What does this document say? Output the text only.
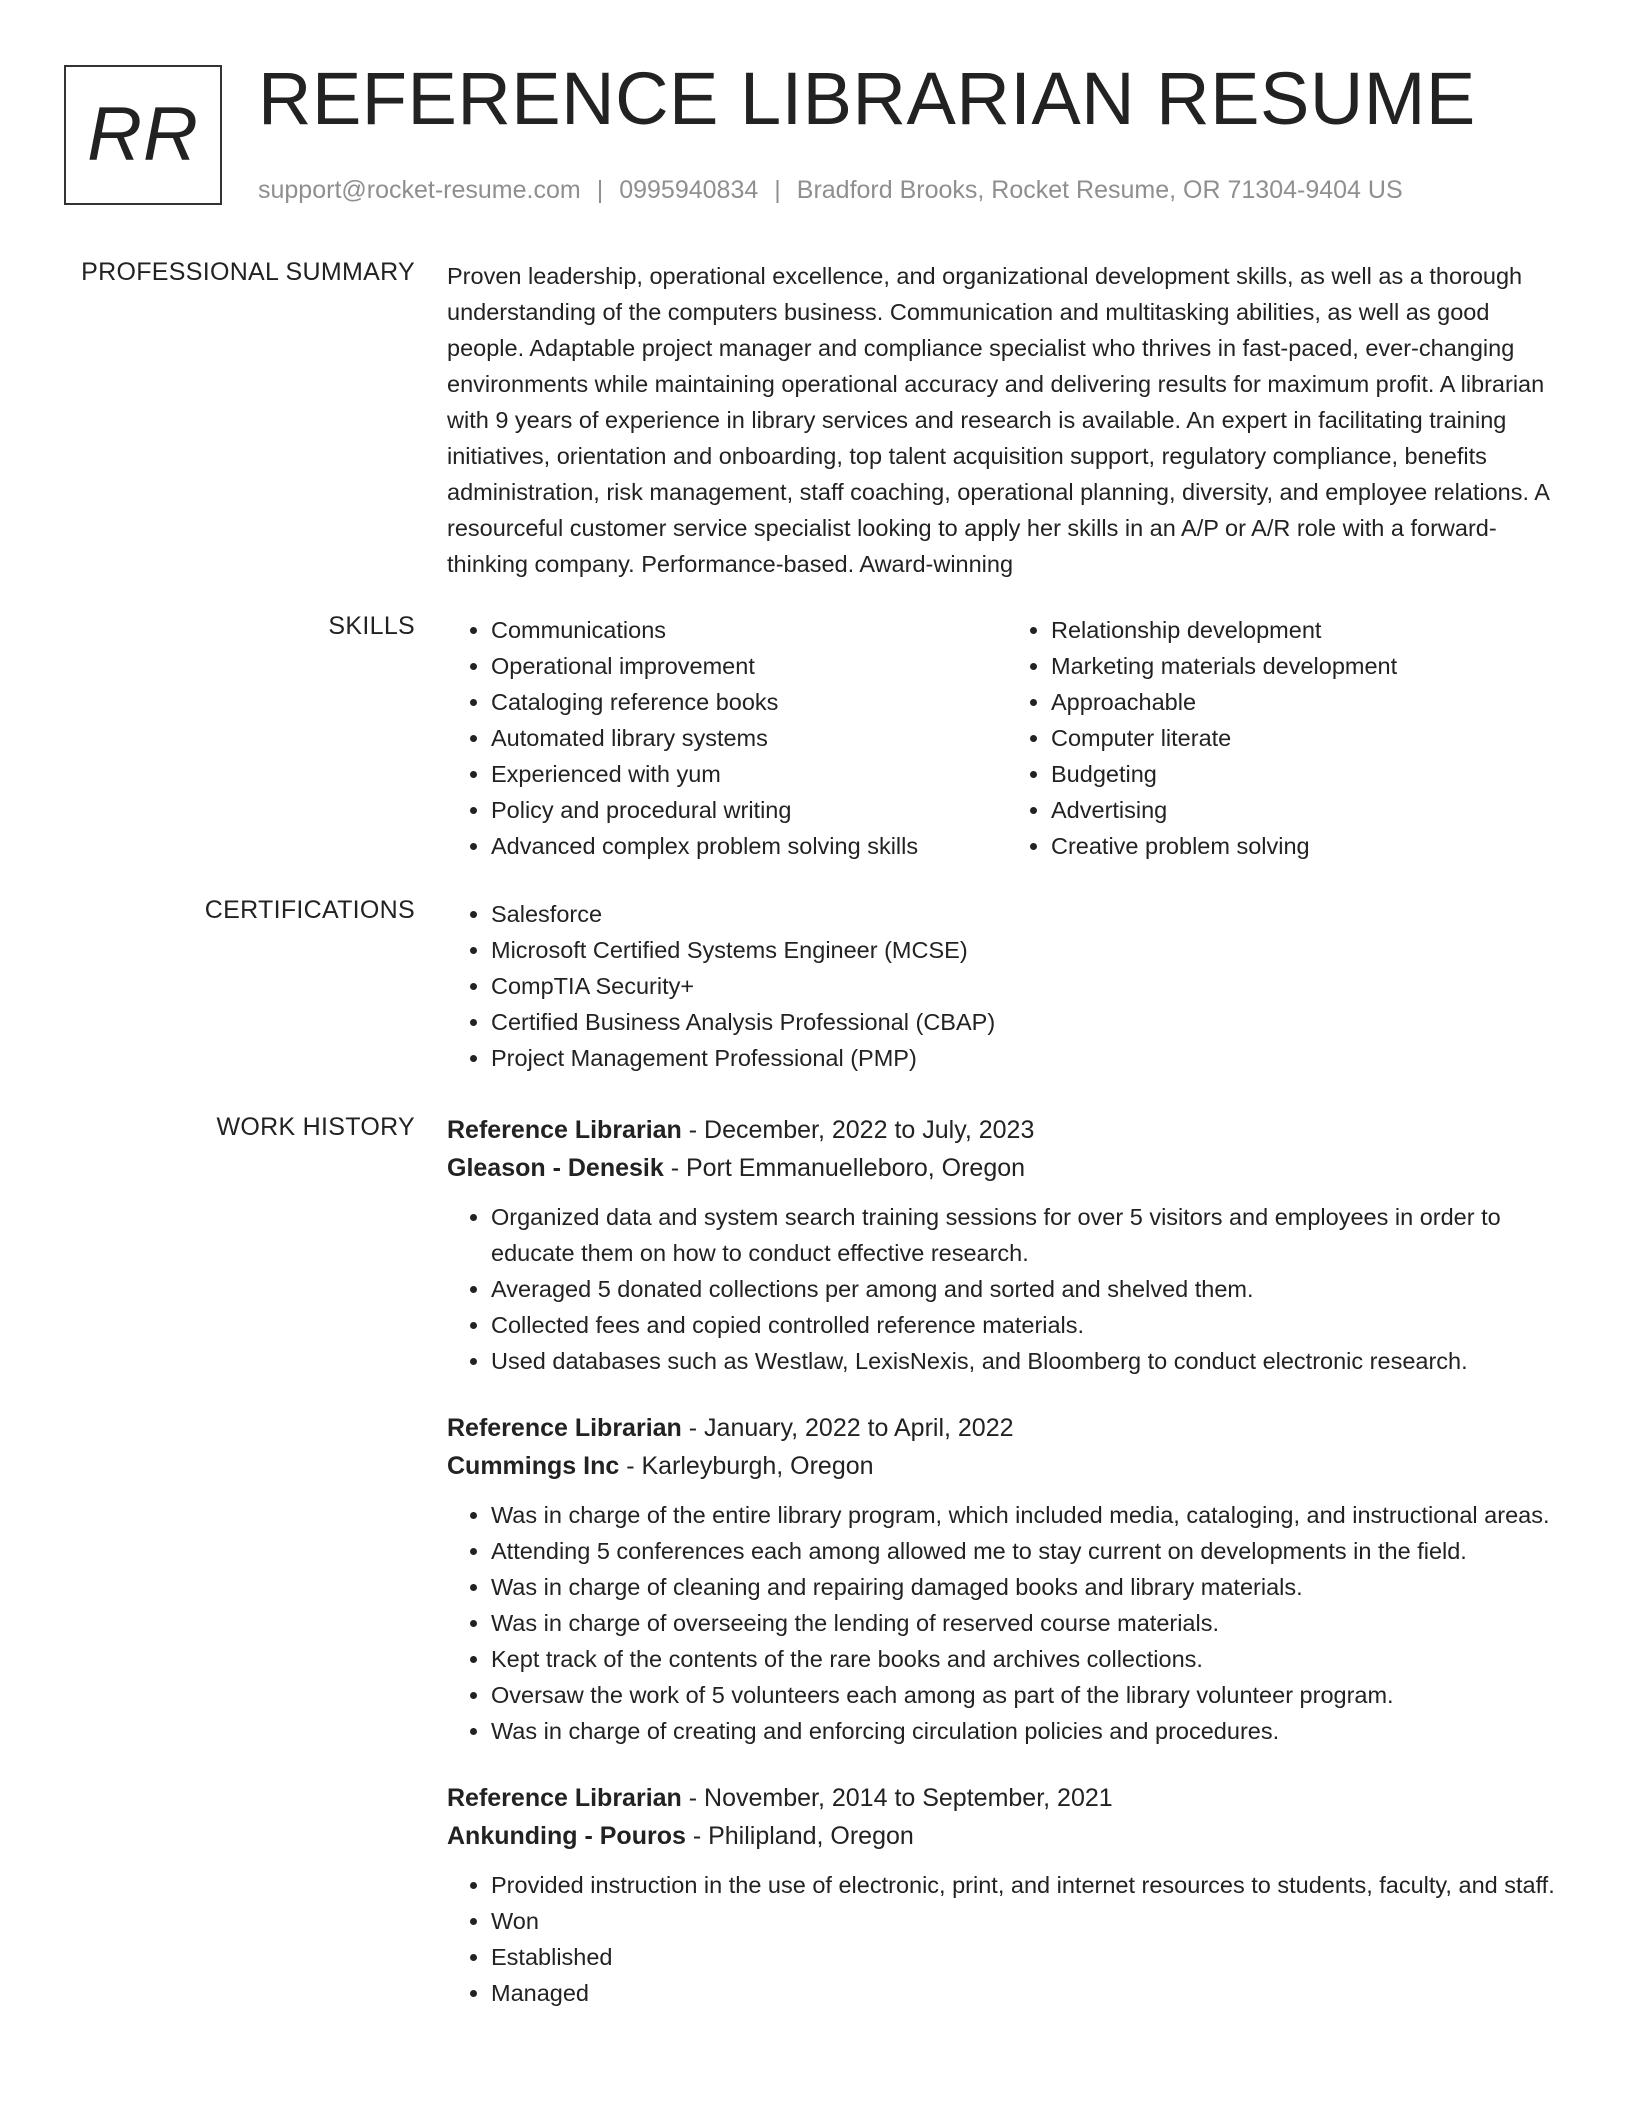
RR REFERENCE LIBRARIAN RESUME
support@rocket-resume.com | 0995940834 | Bradford Brooks, Rocket Resume, OR 71304-9404 US
PROFESSIONAL SUMMARY Proven leadership, operational excellence, and organizational development skills, as well as a thorough understanding of the computers business. Communication and multitasking abilities, as well as good people. Adaptable project manager and compliance specialist who thrives in fast-paced, ever-changing environments while maintaining operational accuracy and delivering results for maximum profit. A librarian with 9 years of experience in library services and research is available. An expert in facilitating training initiatives, orientation and onboarding, top talent acquisition support, regulatory compliance, benefits administration, risk management, staff coaching, operational planning, diversity, and employee relations. A resourceful customer service specialist looking to apply her skills in an A/P or A/R role with a forward-thinking company. Performance-based. Award-winning

SKILLS	• Communications
• Operational improvement
• Cataloging reference books
• Automated library systems
• Experienced with yum
• Policy and procedural writing
• Advanced complex problem solving skills
• Relationship development
• Marketing materials development
• Approachable
• Computer literate
• Budgeting
• Advertising
• Creative problem solving
CERTIFICATIONS	• Salesforce
• Microsoft Certified Systems Engineer (MCSE)
• CompTIA Security+
• Certified Business Analysis Professional (CBAP)
• Project Management Professional (PMP)
WORK HISTORY Reference Librarian - December, 2022 to July, 2023
Gleason - Denesik - Port Emmanuelleboro, Oregon
• Organized data and system search training sessions for over 5 visitors and employees in order to educate them on how to conduct effective research.
• Averaged 5 donated collections per among and sorted and shelved them.
• Collected fees and copied controlled reference materials.
• Used databases such as Westlaw, LexisNexis, and Bloomberg to conduct electronic research.
Reference Librarian - January, 2022 to April, 2022
Cummings Inc - Karleyburgh, Oregon
• Was in charge of the entire library program, which included media, cataloging, and instructional areas.
• Attending 5 conferences each among allowed me to stay current on developments in the field.
• Was in charge of cleaning and repairing damaged books and library materials.
• Was in charge of overseeing the lending of reserved course materials.
• Kept track of the contents of the rare books and archives collections.
• Oversaw the work of 5 volunteers each among as part of the library volunteer program.
• Was in charge of creating and enforcing circulation policies and procedures.
Reference Librarian - November, 2014 to September, 2021
Ankunding - Pouros - Philipland, Oregon
• Provided instruction in the use of electronic, print, and internet resources to students, faculty, and staff.
• Won
• Established
• Managed
